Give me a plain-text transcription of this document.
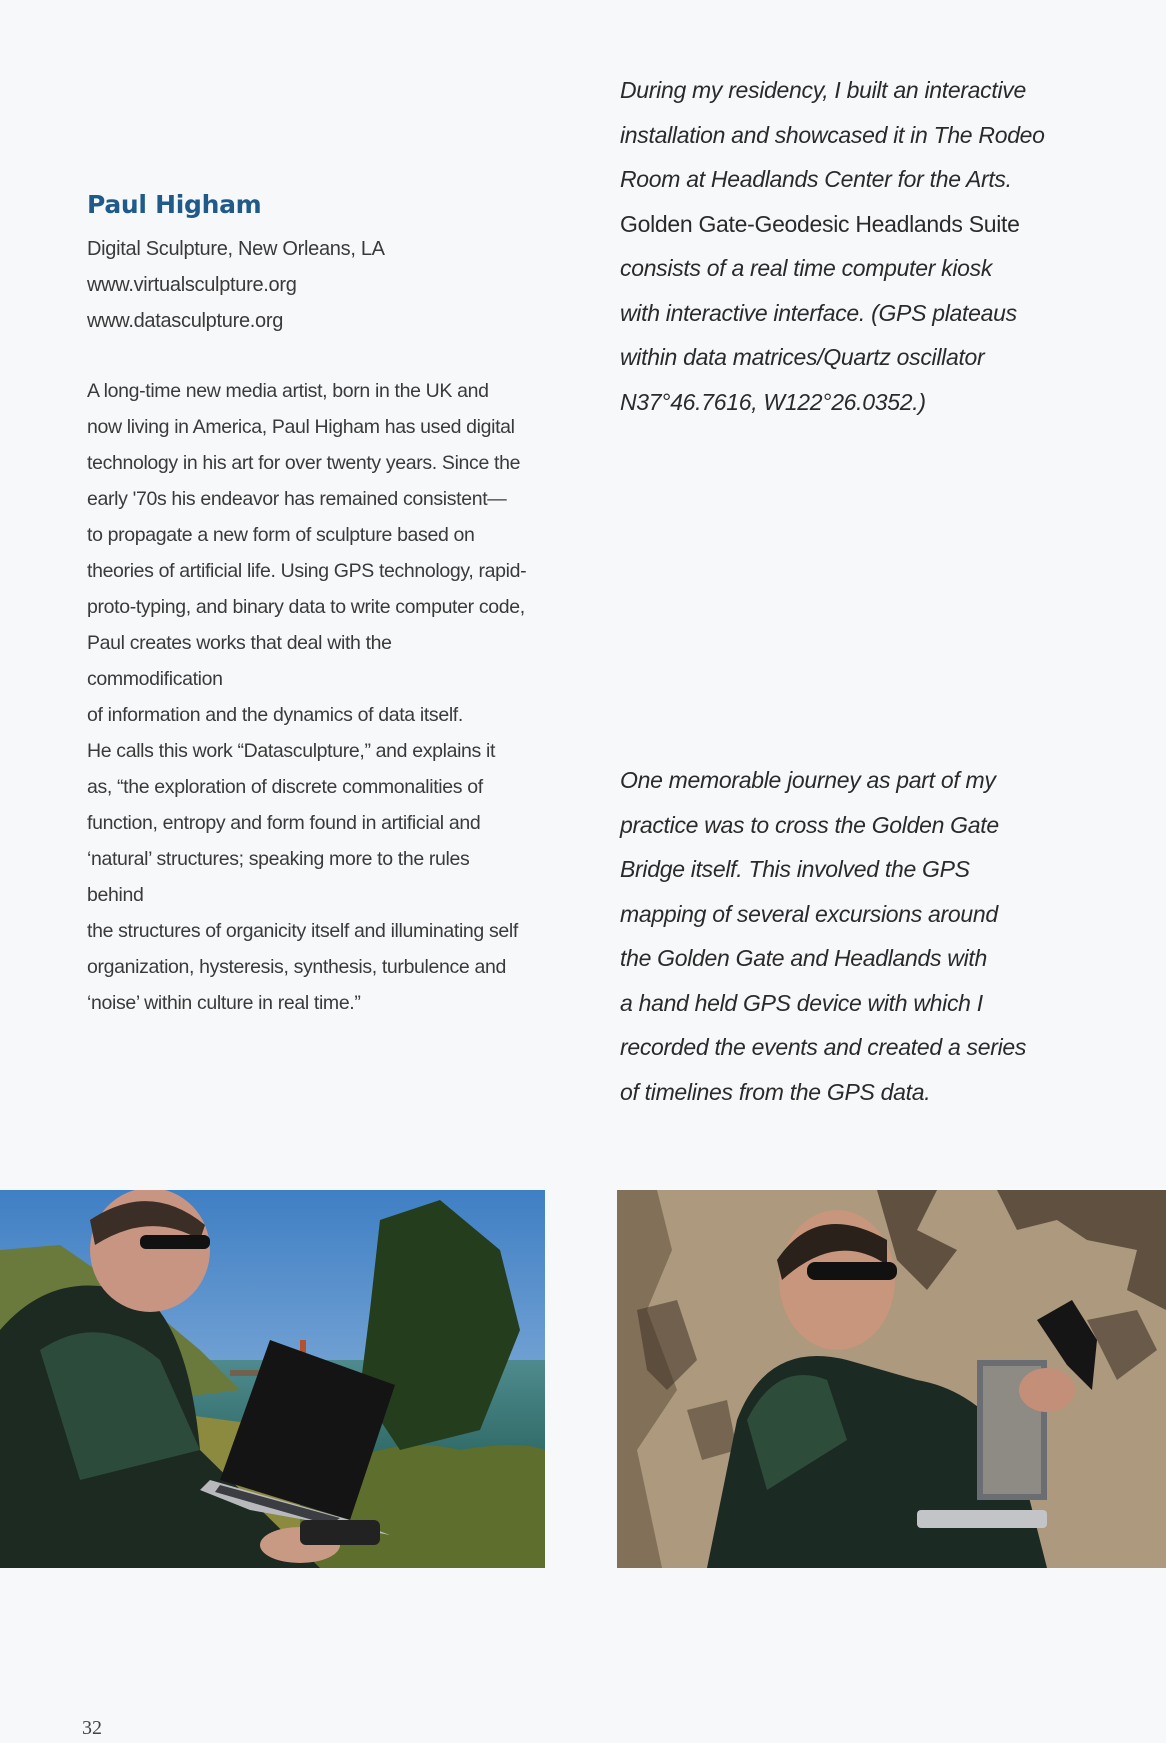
Paul Higham
Digital Sculpture, New Orleans, LA
www.virtualsculpture.org
www.datasculpture.org

A long-time new media artist, born in the UK and

now living in America, Paul Higham has used digital

technology in his art for over twenty years. Since the

early '70s his endeavor has remained consistent—

to propagate a new form of sculpture based on

theories of artificial life. Using GPS technology, rapid-

proto-typing, and binary data to write computer code,

Paul creates works that deal with the commodification

of information and the dynamics of data itself.

He calls this work “Datasculpture,” and explains it

as, “the exploration of discrete commonalities of

function, entropy and form found in artificial and

‘natural’ structures; speaking more to the rules behind

the structures of organicity itself and illuminating self

organization, hysteresis, synthesis, turbulence and

‘noise’ within culture in real time.”

During my residency, I built an interactive
installation and showcased it in The Rodeo
Room at Headlands Center for the Arts.
Golden Gate-Geodesic Headlands Suite
consists of a real time computer kiosk
with interactive interface. (GPS plateaus
within data matrices/Quartz oscillator
N37°46.7616, W122°26.0352.)
One memorable journey as part of my
practice was to cross the Golden Gate
Bridge itself. This involved the GPS
mapping of several excursions around
the Golden Gate and Headlands with
a hand held GPS device with which I
recorded the events and created a series
of timelines from the GPS data.
32
